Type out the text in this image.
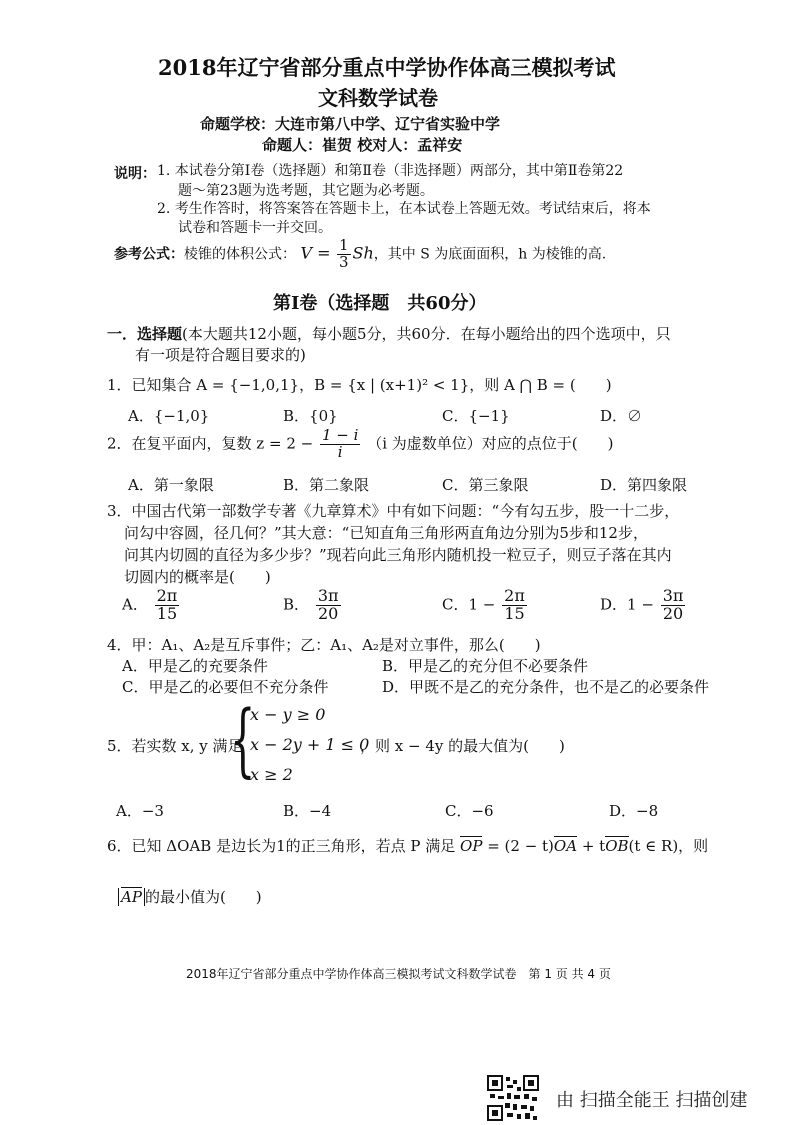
2018年辽宁省部分重点中学协作体高三模拟考试
文科数学试卷
命题学校：大连市第八中学、辽宁省实验中学
命题人：崔贺 校对人：孟祥安
说明： 1. 本试卷分第Ⅰ卷（选择题）和第Ⅱ卷（非选择题）两部分，其中第Ⅱ卷第22
题～第23题为选考题，其它题为必考题。
2. 考生作答时，将答案答在答题卡上，在本试卷上答题无效。考试结束后，将本
试卷和答题卡一并交回。
参考公式：棱锥的体积公式： $V = \frac{1}{3}$ Sh，其中 S 为底面面积，h 为棱锥的高.
第Ⅰ卷（选择题　共60分）
一．选择题(本大题共12小题，每小题5分，共60分．在每小题给出的四个选项中，只
有一项是符合题目要求的)
1．已知集合 A = {−1,0,1}，B = {x | (x+1)² < 1}，则 A ⋂ B = (　　)
A．{−1,0}	B．{0}	C．{−1}	D．∅
2．在复平面内，复数 $z = 2 - \frac{1 - i}{i} (i$ 为虚数单位）对应的点位于(　　)
A．第一象限	B．第二象限	C．第三象限	D．第四象限
3．中国古代第一部数学专著《九章算术》中有如下问题：“今有勾五步，股一十二步，
问勾中容圆，径几何？”其大意：“已知直角三角形两直角边分别为5步和12步，
问其内切圆的直径为多少步？”现若向此三角形内随机投一粒豆子，则豆子落在其内
切圆内的概率是(　　)
A． $\frac{2\pi}{15}$	B． $\frac{3\pi}{20}$	C．$1 - \frac{2\pi}{15}$	D．$1 - \frac{3\pi}{20}$
4．甲：A₁、A₂是互斥事件；乙：A₁、A₂是对立事件，那么(　　)
A．甲是乙的充要条件	B．甲是乙的充分但不必要条件
C．甲是乙的必要但不充分条件	D．甲既不是乙的充分条件，也不是乙的必要条件
5．若实数 x, y 满足
{
x − y ≥ 0
x − 2y + 1 ≤ 0
x ≥ 2
，则 x − 4y 的最大值为(　　)
A．−3	B．−4	C．−6	D．−8
6．已知 ΔOAB 是边长为1的正三角形，若点 P 满足 OP = (2 − t)OA + tOB(t ∈ R)，则
AP 的最小值为(　　)
2018年辽宁省部分重点中学协作体高三模拟考试文科数学试卷　第 1 页 共 4 页
由 扫描全能王 扫描创建
